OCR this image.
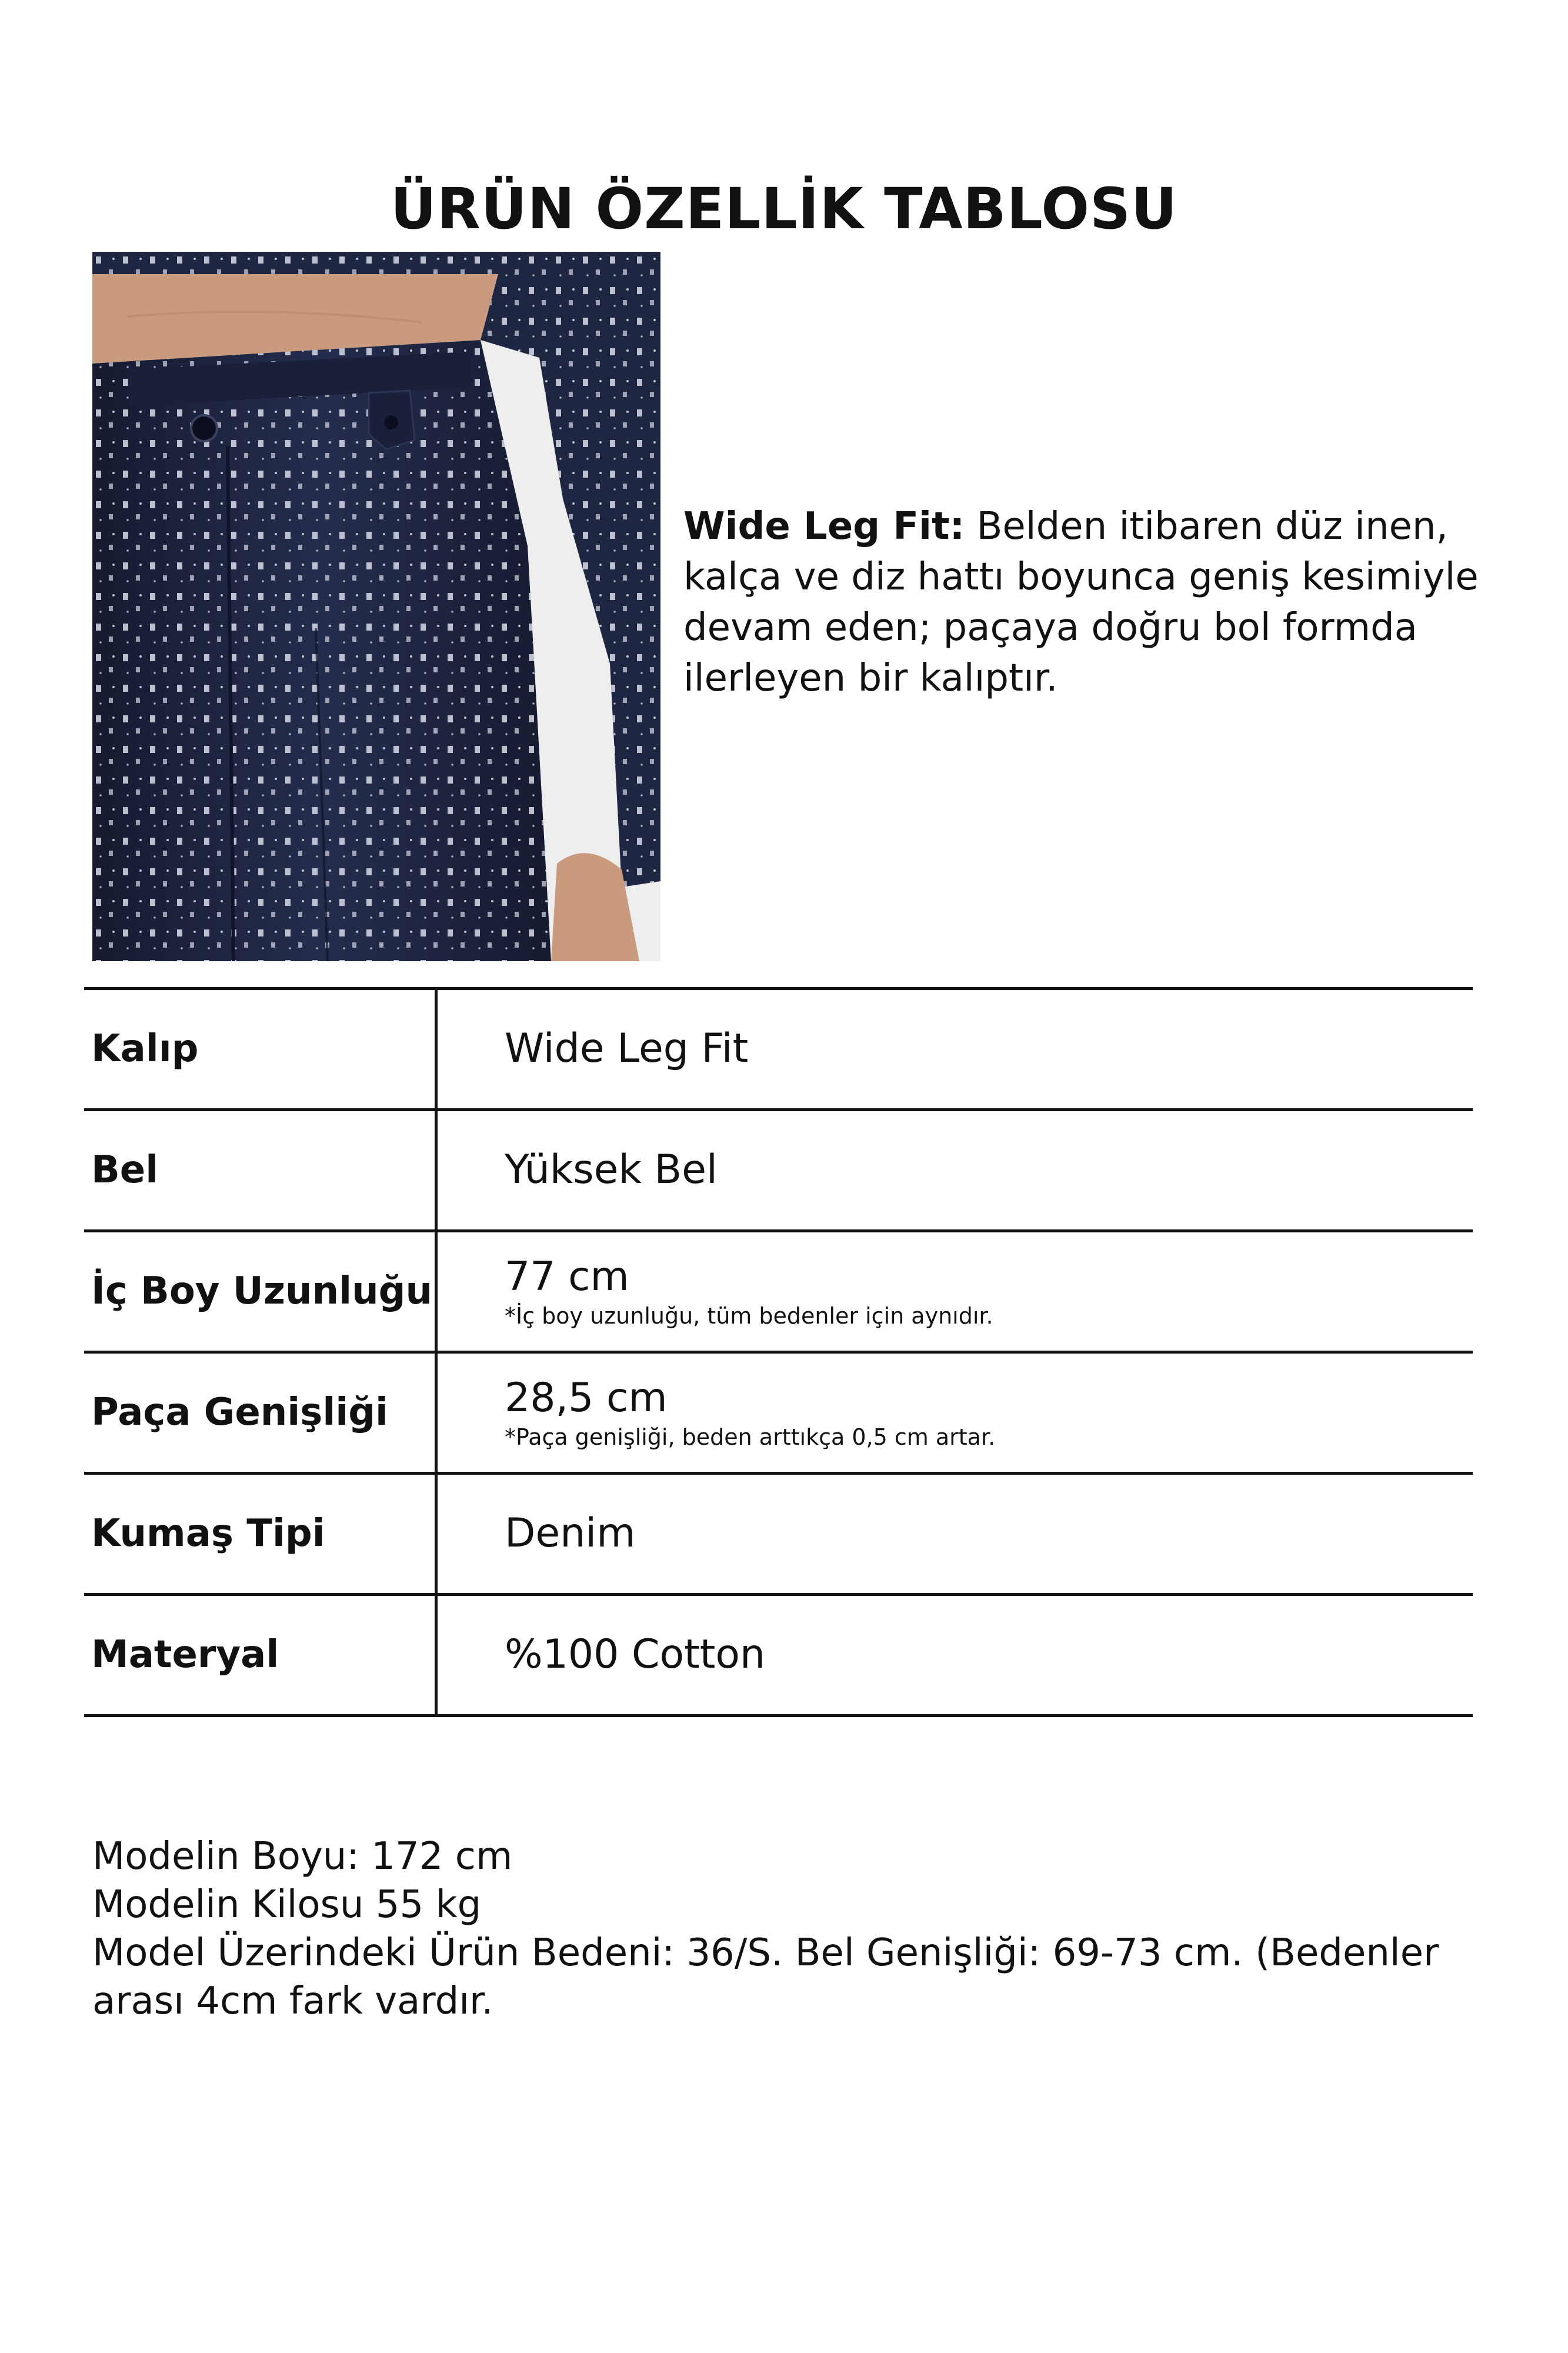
ÜRÜN ÖZELLİK TABLOSU

Wide Leg Fit: Belden itibaren düz inen, kalça ve diz hattı boyunca geniş kesimiyle devam eden; paçaya doğru bol formda ilerleyen bir kalıptır.

Kalıp	Wide Leg Fit
Bel	Yüksek Bel
İç Boy Uzunluğu 77 cm
*İç boy uzunluğu, tüm bedenler için aynıdır.
Paça Genişliği	28,5 cm
*Paça genişliği, beden arttıkça 0,5 cm artar.
Kumaş Tipi	Denim
Materyal	%100 Cotton

Modelin Boyu: 172 cm

Modelin Kilosu 55 kg

Model Üzerindeki Ürün Bedeni: 36/S. Bel Genişliği: 69-73 cm. (Bedenler arası 4cm fark vardır.
